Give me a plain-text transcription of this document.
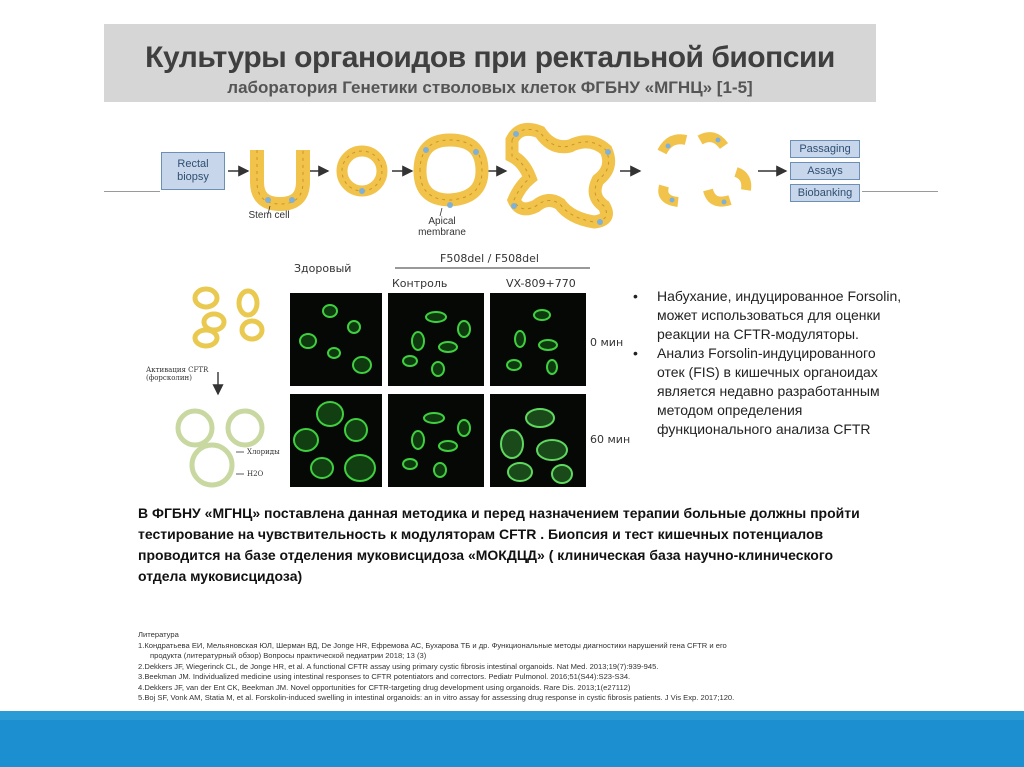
Культуры органоидов при ректальной биопсии
лаборатория Генетики стволовых клеток ФГБНУ «МГНЦ» [1-5]
Rectal biopsy
Stem cell
Apical membrane
Passaging
Assays
Biobanking
Здоровый
F508del / F508del
Контроль	VX-809+770
0 мин
60 мин
Активация CFTR (форсколин)
Хлориды
H2O
• Набухание, индуцированное Forsolin, может использоваться для оценки реакции на CFTR-модуляторы.
• Анализ Forsolin-индуцированного отек (FIS) в кишечных органоидах является недавно разработанным методом определения функционального анализа CFTR
В ФГБНУ «МГНЦ» поставлена данная методика и перед назначением терапии больные должны пройти тестирование на чувствительность к модуляторам CFTR . Биопсия и тест кишечных потенциалов проводится на базе отделения муковисцидоза «МОКДЦД» ( клиническая база научно-клинического отдела муковисцидоза)
Литература
1.Кондратьева ЕИ, Мельяновская ЮЛ, Шерман ВД, De Jonge HR, Ефремова АС, Бухарова ТБ и др. Функциональные методы диагностики нарушений гена CFTR и его
продукта (литературный обзор) Вопросы практической педиатрии 2018; 13 (3)
2.Dekkers JF, Wiegerinck CL, de Jonge HR, et al. A functional CFTR assay using primary cystic fibrosis intestinal organoids. Nat Med. 2013;19(7):939-945.
3.Beekman JM. Individualized medicine using intestinal responses to CFTR potentiators and correctors. Pediatr Pulmonol. 2016;51(S44):S23-S34.
4.Dekkers JF, van der Ent CK, Beekman JM. Novel opportunities for CFTR-targeting drug development using organoids. Rare Dis. 2013;1(e27112)
5.Boj SF, Vonk AM, Statia M, et al. Forskolin-induced swelling in intestinal organoids: an in vitro assay for assessing drug response in cystic fibrosis patients. J Vis Exp. 2017;120.
